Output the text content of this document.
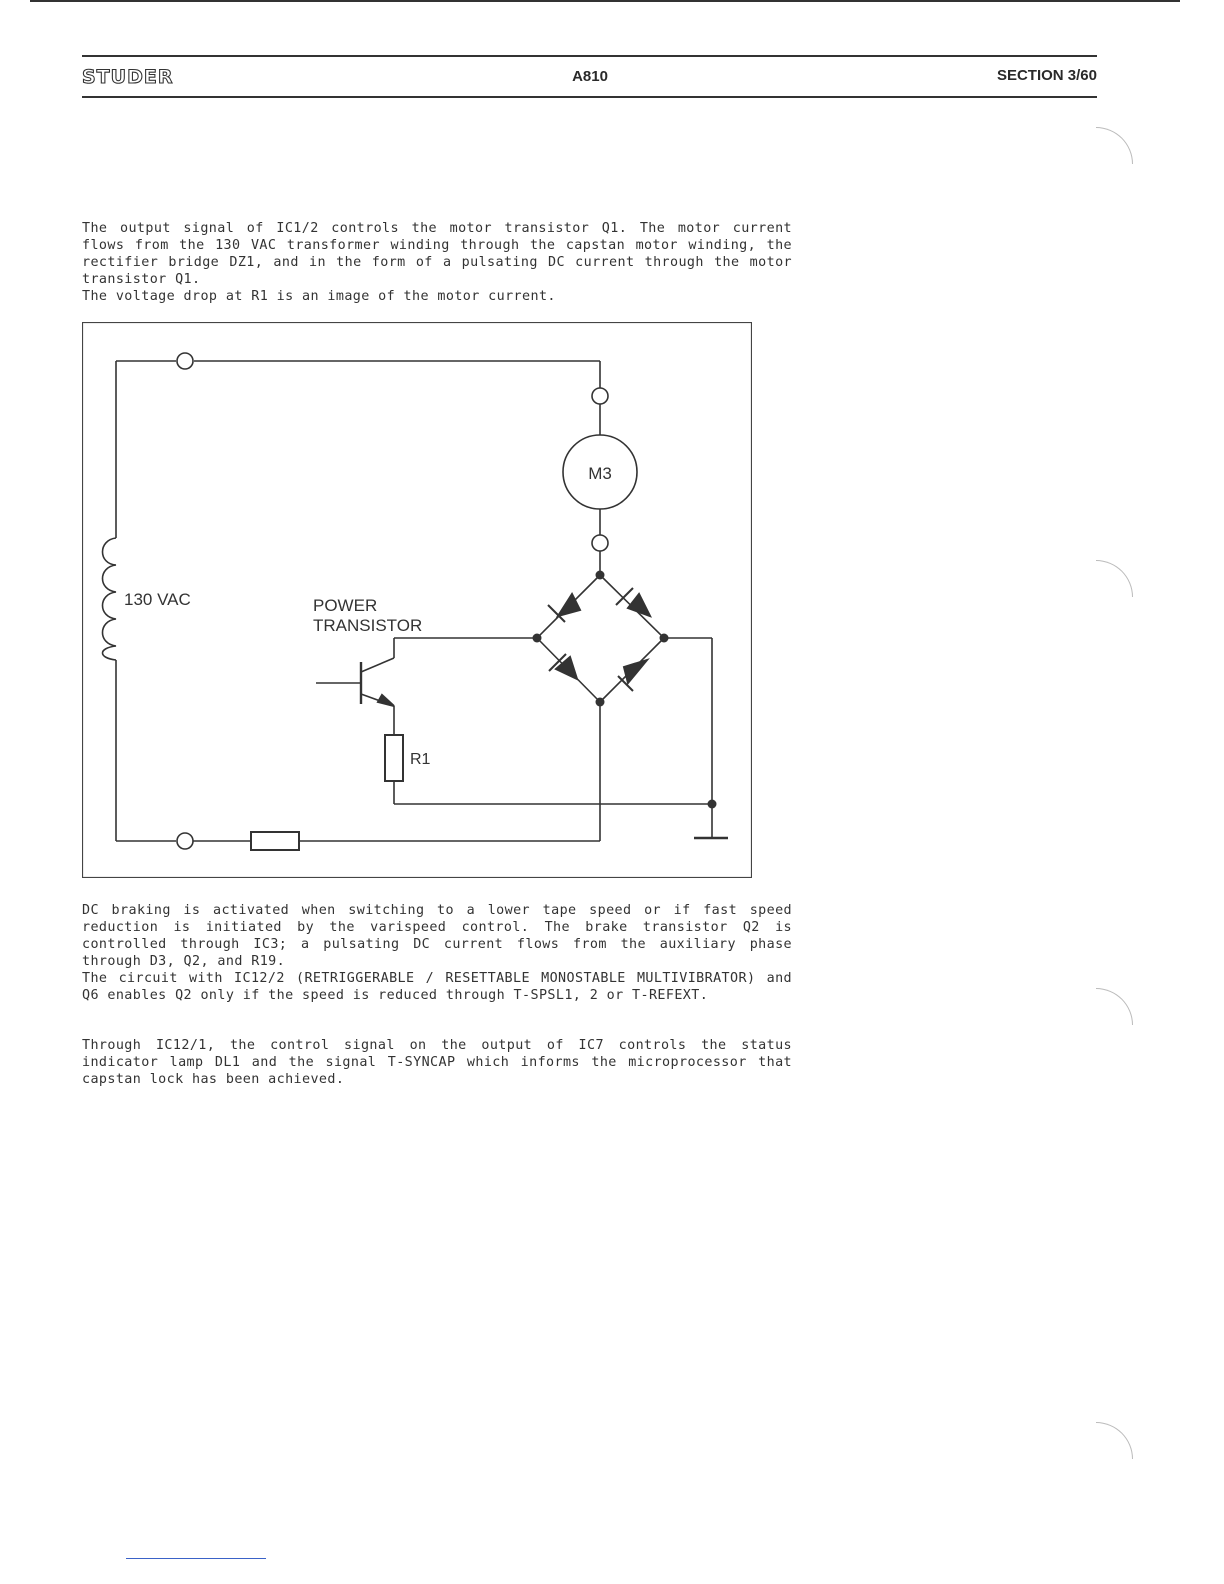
STUDER	A810	SECTION 3/60
The output signal of IC1/2 controls the motor transistor Q1. The motor current flows from the 130 VAC transformer winding through the capstan motor winding, the rectifier bridge DZ1, and in the form of a pulsating DC current through the motor transistor Q1.
The voltage drop at R1 is an image of the motor current.
M3
130 VAC	POWER
TRANSISTOR
R1
DC braking is activated when switching to a lower tape speed or if fast speed reduction is initiated by the varispeed control. The brake transistor Q2 is controlled through IC3; a pulsating DC current flows from the auxiliary phase through D3, Q2, and R19.
The circuit with IC12/2 (RETRIGGERABLE / RESETTABLE MONOSTABLE MULTIVIBRATOR) and Q6 enables Q2 only if the speed is reduced through T-SPSL1, 2 or T-REFEXT.
Through IC12/1, the control signal on the output of IC7 controls the status indicator lamp DL1 and the signal T-SYNCAP which informs the microprocessor that capstan lock has been achieved.
